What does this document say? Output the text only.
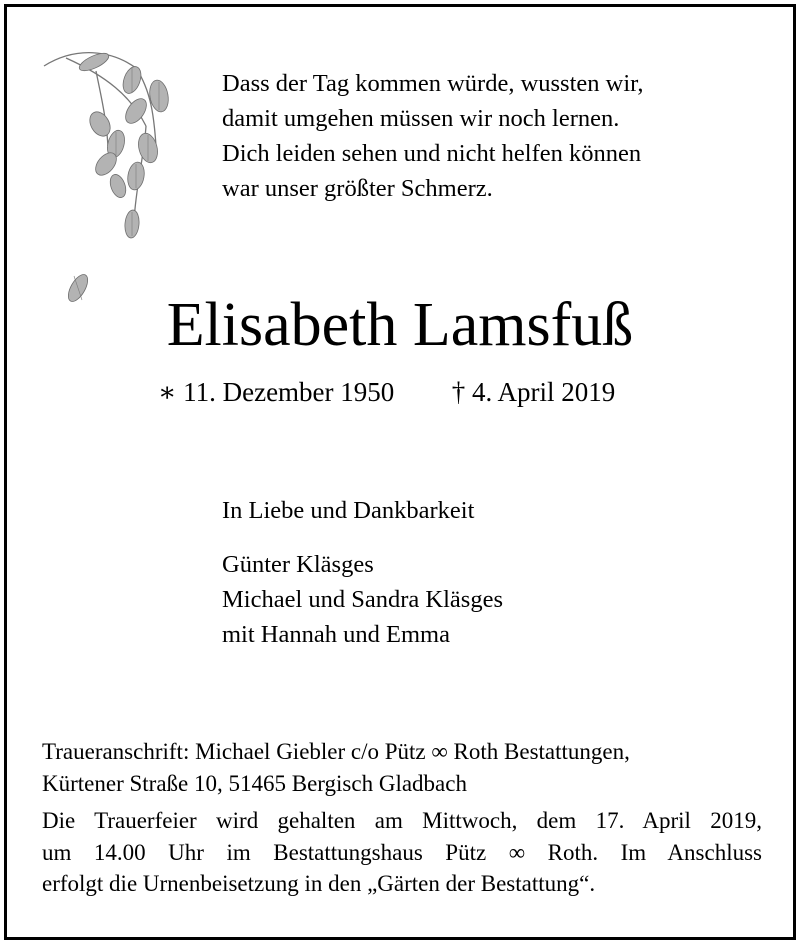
Dass der Tag kommen würde, wussten wir,
damit umgehen müssen wir noch lernen.
Dich leiden sehen und nicht helfen können
war unser größter Schmerz.
Elisabeth Lamsfuß
∗ 11. Dezember 1950 † 4. April 2019
In Liebe und Dankbarkeit
Günter Kläsges
Michael und Sandra Kläsges
mit Hannah und Emma
Traueranschrift: Michael Giebler c/o Pütz ∞ Roth Bestattungen,
Kürtener Straße 10, 51465 Bergisch Gladbach
Die Trauerfeier wird gehalten am Mittwoch, dem 17. April 2019,
um 14.00 Uhr im Bestattungshaus Pütz ∞ Roth. Im Anschluss
erfolgt die Urnenbeisetzung in den „Gärten der Bestattung“.
